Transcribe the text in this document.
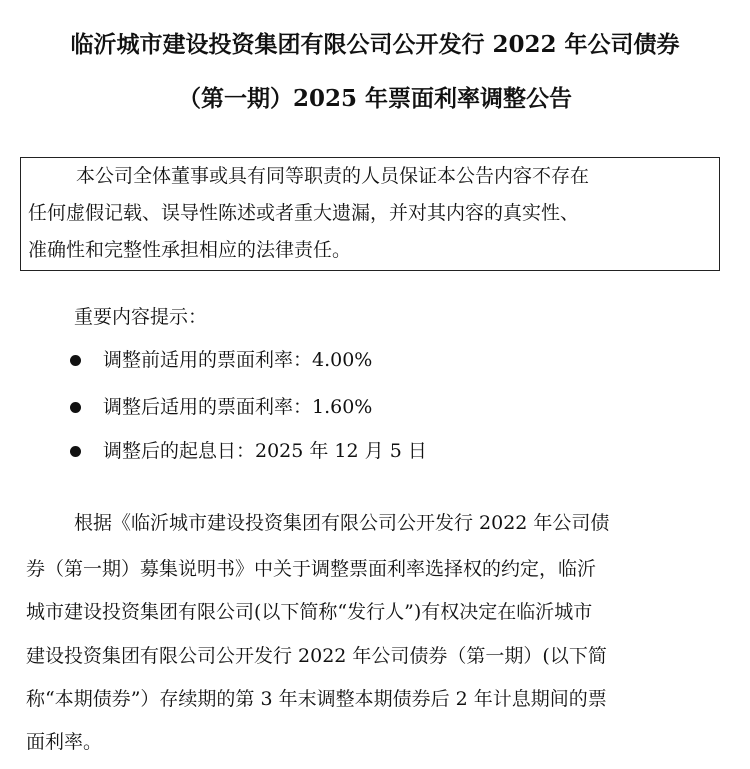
临沂城市建设投资集团有限公司公开发行 2022 年公司债券
（第一期）2025 年票面利率调整公告
本公司全体董事或具有同等职责的人员保证本公告内容不存在
任何虚假记载、误导性陈述或者重大遗漏，并对其内容的真实性、
准确性和完整性承担相应的法律责任。
重要内容提示：
调整前适用的票面利率：4.00%
调整后适用的票面利率：1.60%
调整后的起息日：2025 年 12 月 5 日
根据《临沂城市建设投资集团有限公司公开发行 2022 年公司债
券（第一期）募集说明书》中关于调整票面利率选择权的约定，临沂
城市建设投资集团有限公司(以下简称“发行人”)有权决定在临沂城市
建设投资集团有限公司公开发行 2022 年公司债券（第一期）(以下简
称“本期债券”）存续期的第 3 年末调整本期债券后 2 年计息期间的票
面利率。
